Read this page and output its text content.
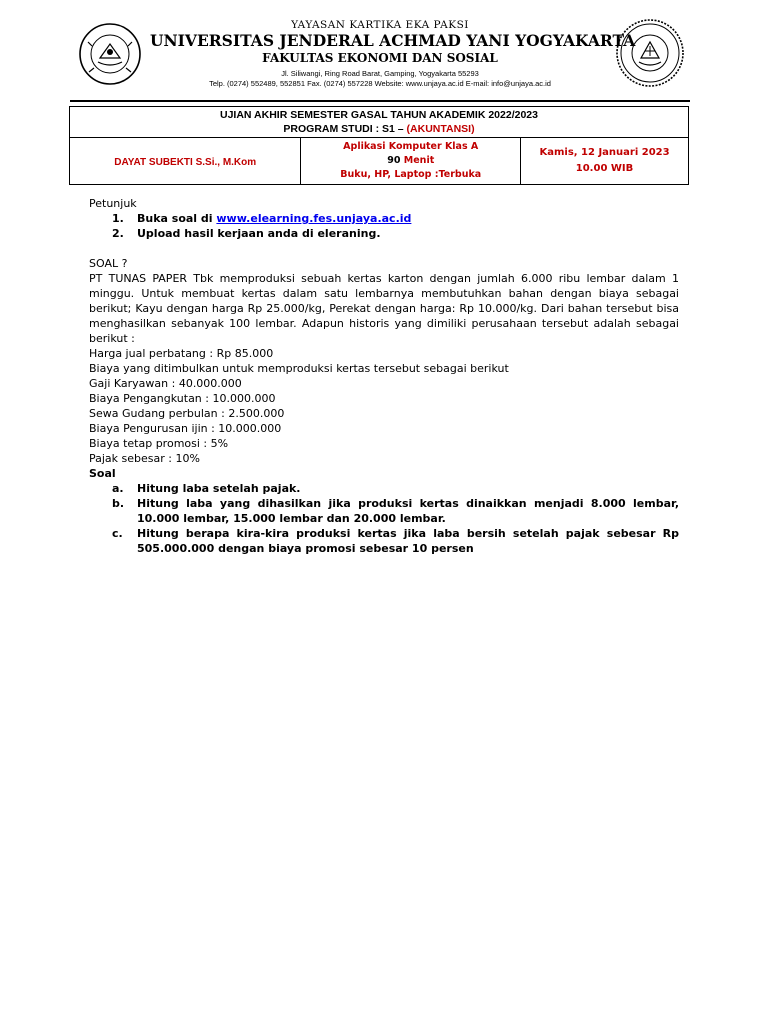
YAYASAN KARTIKA EKA PAKSI
UNIVERSITAS JENDERAL ACHMAD YANI YOGYAKARTA
FAKULTAS EKONOMI DAN SOSIAL
Jl. Siliwangi, Ring Road Barat, Gamping, Yogyakarta 55293
Telp. (0274) 552489, 552851 Fax. (0274) 557228 Website: www.unjaya.ac.id E-mail: info@unjaya.ac.id
UJIAN AKHIR SEMESTER GASAL TAHUN AKADEMIK 2022/2023
PROGRAM STUDI : S1 – (AKUNTANSI)

DAYAT SUBEKTI S.Si., M.Kom	
Aplikasi Komputer Klas A
90 Menit
Buku, HP, Laptop :Terbuka

Kamis, 12 Januari 2023
10.00 WIB

Petunjuk

1. Buka soal di www.elearning.fes.unjaya.ac.id
2. Upload hasil kerjaan anda di eleraning.

SOAL ?

PT TUNAS PAPER Tbk memproduksi sebuah kertas karton dengan jumlah 6.000 ribu lembar dalam 1 minggu. Untuk membuat kertas dalam satu lembarnya membutuhkan bahan dengan biaya sebagai berikut; Kayu dengan harga Rp 25.000/kg, Perekat dengan harga: Rp 10.000/kg. Dari bahan tersebut bisa menghasilkan sebanyak 100 lembar. Adapun historis yang dimiliki perusahaan tersebut adalah sebagai berikut :

Harga jual perbatang : Rp 85.000

Biaya yang ditimbulkan untuk memproduksi kertas tersebut sebagai berikut

Gaji Karyawan : 40.000.000

Biaya Pengangkutan : 10.000.000

Sewa Gudang perbulan : 2.500.000

Biaya Pengurusan ijin : 10.000.000

Biaya tetap promosi : 5%

Pajak sebesar : 10%

Soal

a. Hitung laba setelah pajak.
b. Hitung laba yang dihasilkan jika produksi kertas dinaikkan menjadi 8.000 lembar, 10.000 lembar, 15.000 lembar dan 20.000 lembar.
c. Hitung berapa kira-kira produksi kertas jika laba bersih setelah pajak sebesar Rp 505.000.000 dengan biaya promosi sebesar 10 persen
